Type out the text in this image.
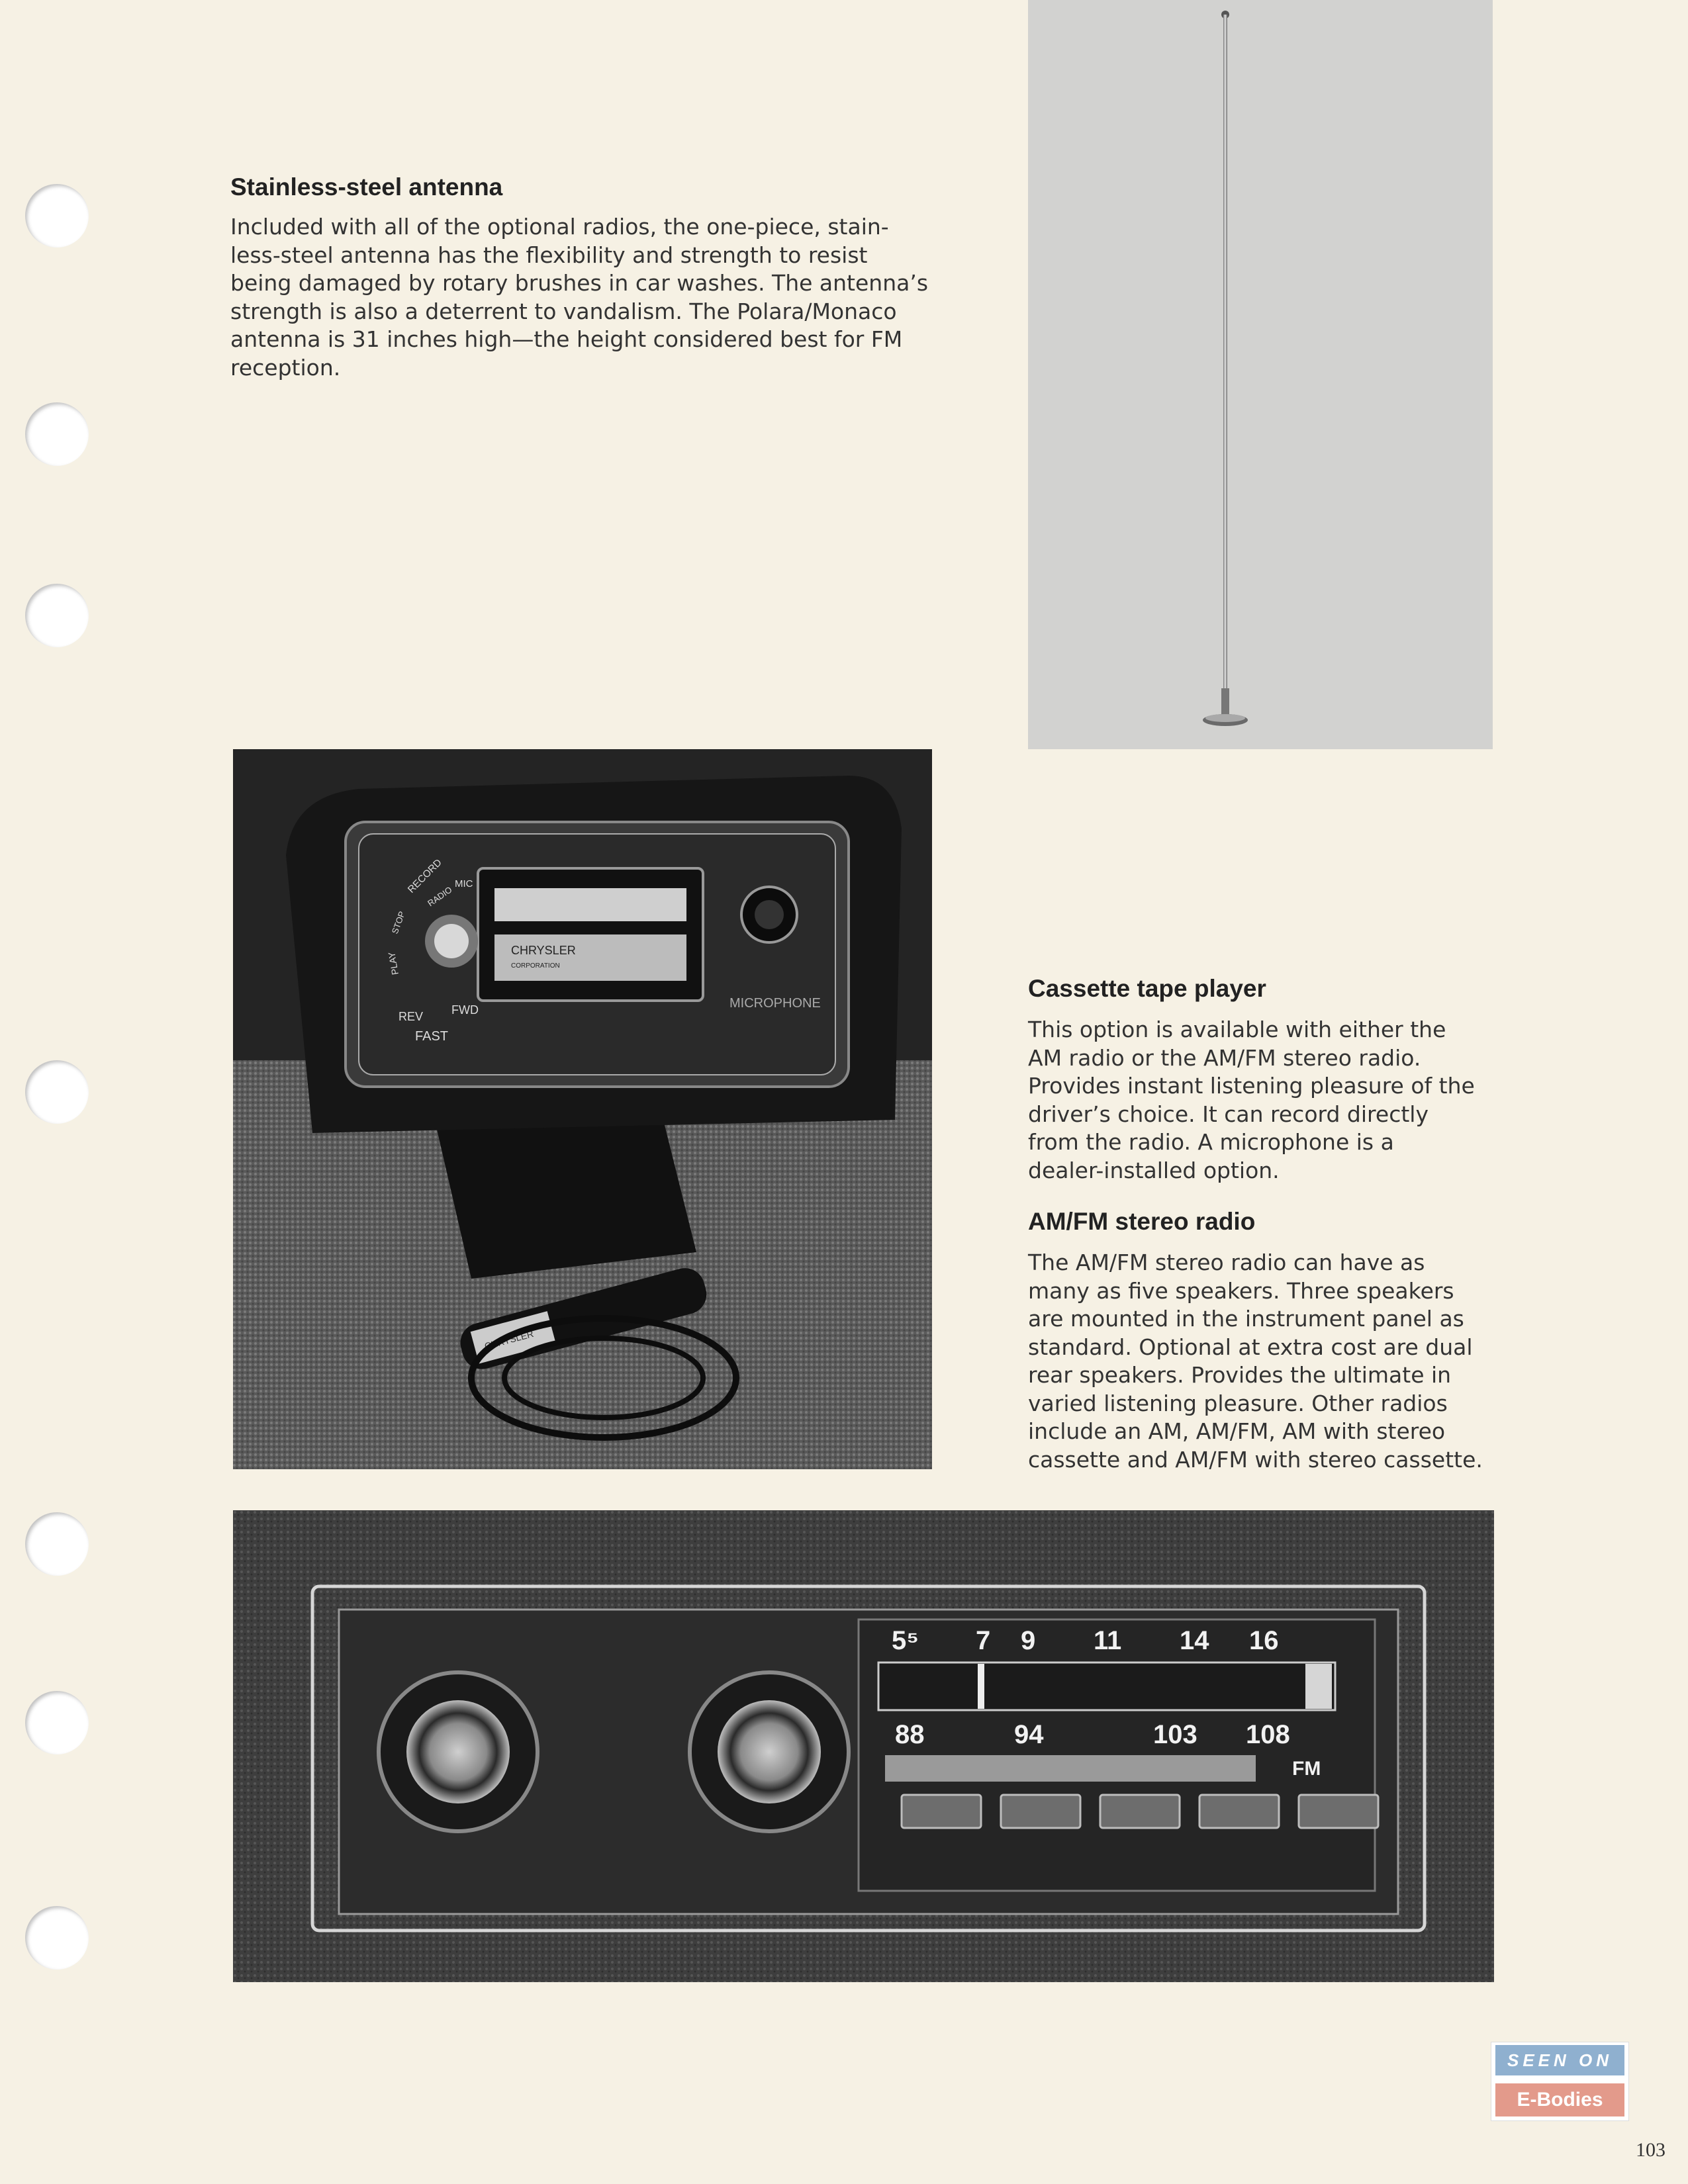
Stainless-steel antenna
Included with all of the optional radios, the one-piece, stain-
less-steel antenna has the flexibility and strength to resist
being damaged by rotary brushes in car washes. The antenna’s
strength is also a deterrent to vandalism. The Polara/Monaco
antenna is 31 inches high—the height considered best for FM
reception.
CHRYSLER
CORPORATION
RECORD MIC
RADIO
STOP
PLAY
REV FWD
FAST
MICROPHONE
CHRYSLER
Cassette tape player
This option is available with either the
AM radio or the AM/FM stereo radio.
Provides instant listening pleasure of the
driver’s choice. It can record directly
from the radio. A microphone is a
dealer-installed option.
AM/FM stereo radio
The AM/FM stereo radio can have as
many as five speakers. Three speakers
are mounted in the instrument panel as
standard. Optional at extra cost are dual
rear speakers. Provides the ultimate in
varied listening pleasure. Other radios
include an AM, AM/FM, AM with stereo
cassette and AM/FM with stereo cassette.
5⁵ 7 9 11 14 16
88	94	103 108
FM
SEEN ON
E-Bodies
103
